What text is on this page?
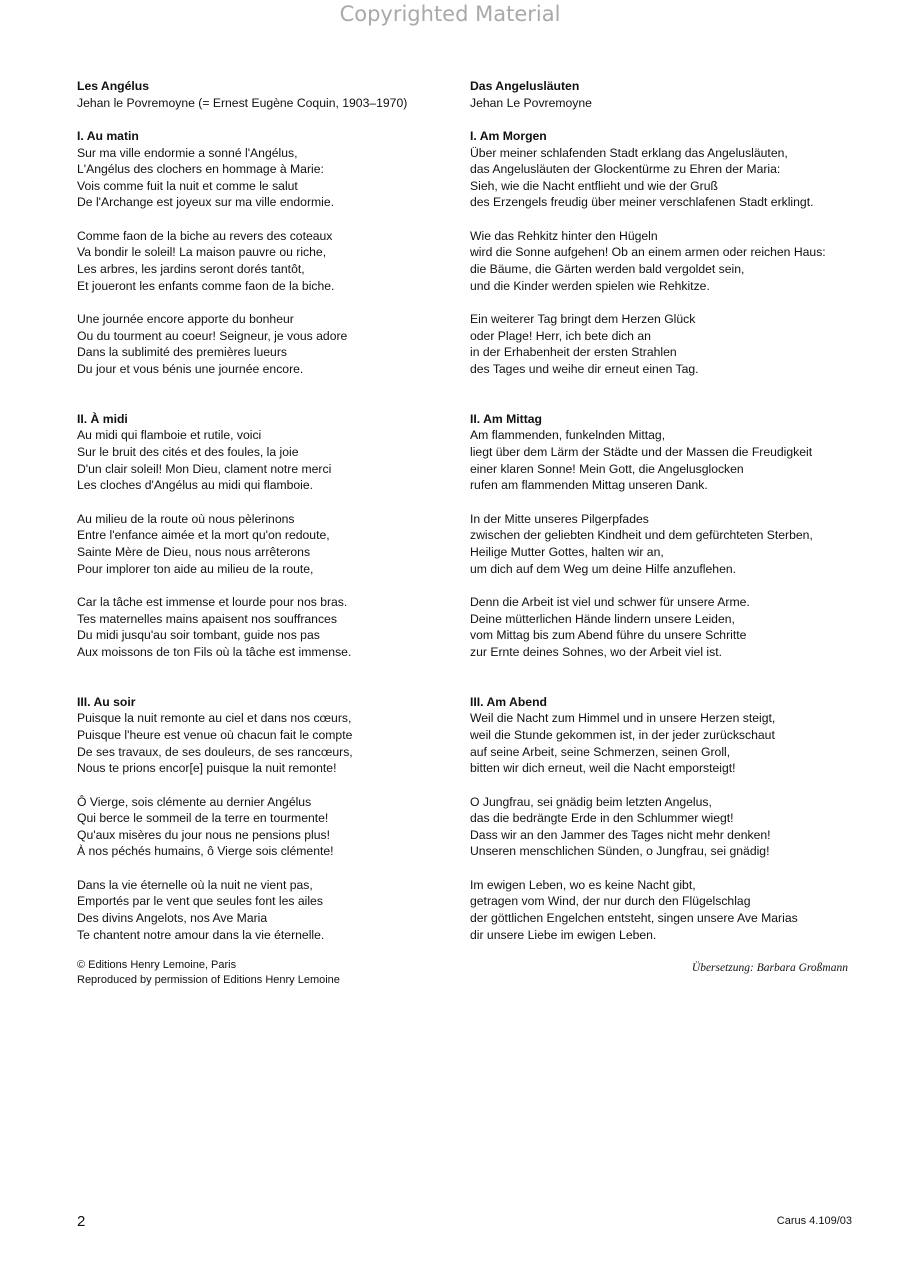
Copyrighted Material
Les Angélus
Jehan le Povremoyne (= Ernest Eugène Coquin, 1903–1970)
I. Au matin
Sur ma ville endormie a sonné l'Angélus,
L'Angélus des clochers en hommage à Marie:
Vois comme fuit la nuit et comme le salut
De l'Archange est joyeux sur ma ville endormie.
Comme faon de la biche au revers des coteaux
Va bondir le soleil! La maison pauvre ou riche,
Les arbres, les jardins seront dorés tantôt,
Et joueront les enfants comme faon de la biche.
Une journée encore apporte du bonheur
Ou du tourment au coeur! Seigneur, je vous adore
Dans la sublimité des premières lueurs
Du jour et vous bénis une journée encore.
II. À midi
Au midi qui flamboie et rutile, voici
Sur le bruit des cités et des foules, la joie
D'un clair soleil! Mon Dieu, clament notre merci
Les cloches d'Angélus au midi qui flamboie.
Au milieu de la route où nous pèlerinons
Entre l'enfance aimée et la mort qu'on redoute,
Sainte Mère de Dieu, nous nous arrêterons
Pour implorer ton aide au milieu de la route,
Car la tâche est immense et lourde pour nos bras.
Tes maternelles mains apaisent nos souffrances
Du midi jusqu'au soir tombant, guide nos pas
Aux moissons de ton Fils où la tâche est immense.
III. Au soir
Puisque la nuit remonte au ciel et dans nos cœurs,
Puisque l'heure est venue où chacun fait le compte
De ses travaux, de ses douleurs, de ses rancœurs,
Nous te prions encor[e] puisque la nuit remonte!
Ô Vierge, sois clémente au dernier Angélus
Qui berce le sommeil de la terre en tourmente!
Qu'aux misères du jour nous ne pensions plus!
À nos péchés humains, ô Vierge sois clémente!
Dans la vie éternelle où la nuit ne vient pas,
Emportés par le vent que seules font les ailes
Des divins Angelots, nos Ave Maria
Te chantent notre amour dans la vie éternelle.
Das Angelusläuten
Jehan Le Povremoyne
I. Am Morgen
Über meiner schlafenden Stadt erklang das Angelusläuten,
das Angelusläuten der Glockentürme zu Ehren der Maria:
Sieh, wie die Nacht entflieht und wie der Gruß
des Erzengels freudig über meiner verschlafenen Stadt erklingt.
Wie das Rehkitz hinter den Hügeln
wird die Sonne aufgehen! Ob an einem armen oder reichen Haus:
die Bäume, die Gärten werden bald vergoldet sein,
und die Kinder werden spielen wie Rehkitze.
Ein weiterer Tag bringt dem Herzen Glück
oder Plage! Herr, ich bete dich an
in der Erhabenheit der ersten Strahlen
des Tages und weihe dir erneut einen Tag.
II. Am Mittag
Am flammenden, funkelnden Mittag,
liegt über dem Lärm der Städte und der Massen die Freudigkeit
einer klaren Sonne! Mein Gott, die Angelusglocken
rufen am flammenden Mittag unseren Dank.
In der Mitte unseres Pilgerpfades
zwischen der geliebten Kindheit und dem gefürchteten Sterben,
Heilige Mutter Gottes, halten wir an,
um dich auf dem Weg um deine Hilfe anzuflehen.
Denn die Arbeit ist viel und schwer für unsere Arme.
Deine mütterlichen Hände lindern unsere Leiden,
vom Mittag bis zum Abend führe du unsere Schritte
zur Ernte deines Sohnes, wo der Arbeit viel ist.
III. Am Abend
Weil die Nacht zum Himmel und in unsere Herzen steigt,
weil die Stunde gekommen ist, in der jeder zurückschaut
auf seine Arbeit, seine Schmerzen, seinen Groll,
bitten wir dich erneut, weil die Nacht emporsteigt!
O Jungfrau, sei gnädig beim letzten Angelus,
das die bedrängte Erde in den Schlummer wiegt!
Dass wir an den Jammer des Tages nicht mehr denken!
Unseren menschlichen Sünden, o Jungfrau, sei gnädig!
Im ewigen Leben, wo es keine Nacht gibt,
getragen vom Wind, der nur durch den Flügelschlag
der göttlichen Engelchen entsteht, singen unsere Ave Marias
dir unsere Liebe im ewigen Leben.
© Editions Henry Lemoine, Paris
Reproduced by permission of Editions Henry Lemoine
Übersetzung: Barbara Großmann
2	Carus 4.109/03
